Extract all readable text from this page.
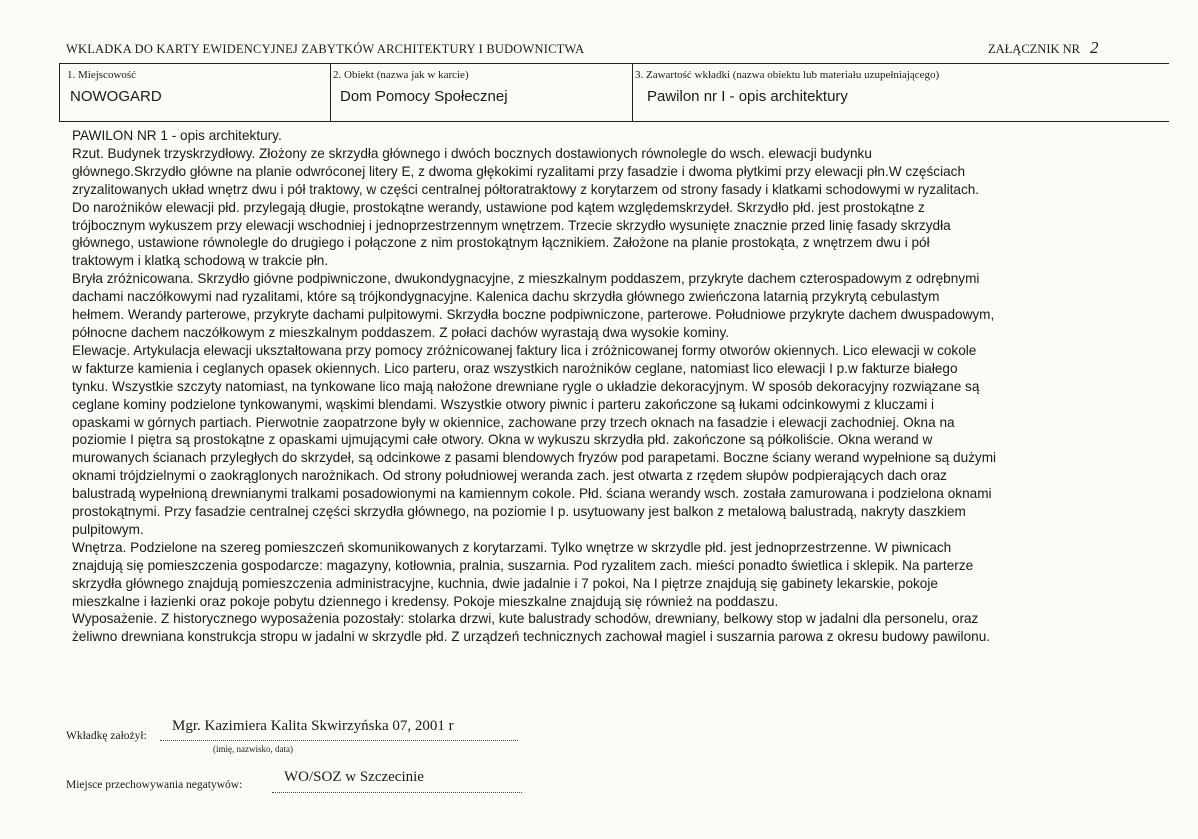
WKLADKA DO KARTY EWIDENCYJNEJ ZABYTKÓW ARCHITEKTURY I BUDOWNICTWA	ZAŁĄCZNIK NR 2
1. Miejscowość
NOWOGARD
2. Obiekt (nazwa jak w karcie)
Dom Pomocy Społecznej
3. Zawartość wkładki (nazwa obiektu lub materiału uzupełniającego)
Pawilon nr I - opis architektury
PAWILON NR 1 - opis architektury.
Rzut. Budynek trzyskrzydłowy. Złożony ze skrzydła głównego i dwóch bocznych dostawionych równolegle do wsch. elewacji budynku
głównego.Skrzydło główne na planie odwróconej litery E, z dwoma głękokimi ryzalitami przy fasadzie i dwoma płytkimi przy elewacji płn.W częściach
zryzalitowanych układ wnętrz dwu i pół traktowy, w części centralnej półtoratraktowy z korytarzem od strony fasady i klatkami schodowymi w ryzalitach.
Do narożników elewacji płd. przylegają długie, prostokątne werandy, ustawione pod kątem względemskrzydeł. Skrzydło płd. jest prostokątne z
trójbocznym wykuszem przy elewacji wschodniej i jednoprzestrzennym wnętrzem. Trzecie skrzydło wysunięte znacznie przed linię fasady skrzydła
głównego, ustawione równolegle do drugiego i połączone z nim prostokątnym łącznikiem. Założone na planie prostokąta, z wnętrzem dwu i pół
traktowym i klatką schodową w trakcie płn.
Bryła zróżnicowana. Skrzydło gióvne podpiwniczone, dwukondygnacyjne, z mieszkalnym poddaszem, przykryte dachem czterospadowym z odrębnymi
dachami naczółkowymi nad ryzalitami, które są trójkondygnacyjne. Kalenica dachu skrzydła głównego zwieńczona latarnią przykrytą cebulastym
hełmem. Werandy parterowe, przykryte dachami pulpitowymi. Skrzydła boczne podpiwniczone, parterowe. Południowe przykryte dachem dwuspadowym,
północne dachem naczółkowym z mieszkalnym poddaszem. Z połaci dachów wyrastają dwa wysokie kominy.
Elewacje. Artykulacja elewacji ukształtowana przy pomocy zróżnicowanej faktury lica i zróżnicowanej formy otworów okiennych. Lico elewacji w cokole
w fakturze kamienia i ceglanych opasek okiennych. Lico parteru, oraz wszystkich narożników ceglane, natomiast lico elewacji I p.w fakturze białego
tynku. Wszystkie szczyty natomiast, na tynkowane lico mają nałożone drewniane rygle o układzie dekoracyjnym. W sposób dekoracyjny rozwiązane są
ceglane kominy podzielone tynkowanymi, wąskimi blendami. Wszystkie otwory piwnic i parteru zakończone są łukami odcinkowymi z kluczami i
opaskami w górnych partiach. Pierwotnie zaopatrzone były w okiennice, zachowane przy trzech oknach na fasadzie i elewacji zachodniej. Okna na
poziomie I piętra są prostokątne z opaskami ujmującymi całe otwory. Okna w wykuszu skrzydła płd. zakończone są półkoliście. Okna werand w
murowanych ścianach przyległych do skrzydeł, są odcinkowe z pasami blendowych fryzów pod parapetami. Boczne ściany werand wypełnione są dużymi
oknami trójdzielnymi o zaokrąglonych narożnikach. Od strony południowej weranda zach. jest otwarta z rzędem słupów podpierających dach oraz
balustradą wypełnioną drewnianymi tralkami posadowionymi na kamiennym cokole. Płd. ściana werandy wsch. została zamurowana i podzielona oknami
prostokątnymi. Przy fasadzie centralnej części skrzydła głównego, na poziomie I p. usytuowany jest balkon z metalową balustradą, nakryty daszkiem
pulpitowym.
Wnętrza. Podzielone na szereg pomieszczeń skomunikowanych z korytarzami. Tylko wnętrze w skrzydle płd. jest jednoprzestrzenne. W piwnicach
znajdują się pomieszczenia gospodarcze: magazyny, kotłownia, pralnia, suszarnia. Pod ryzalitem zach. mieści ponadto świetlica i sklepik. Na parterze
skrzydła głównego znajdują pomieszczenia administracyjne, kuchnia, dwie jadalnie i 7 pokoi, Na I piętrze znajdują się gabinety lekarskie, pokoje
mieszkalne i łazienki oraz pokoje pobytu dziennego i kredensy. Pokoje mieszkalne znajdują się również na poddaszu.
Wyposażenie. Z historycznego wyposażenia pozostały: stolarka drzwi, kute balustrady schodów, drewniany, belkowy stop w jadalni dla personelu, oraz
żeliwno drewniana konstrukcja stropu w jadalni w skrzydle płd. Z urządzeń technicznych zachował magiel i suszarnia parowa z okresu budowy pawilonu.
Wkładkę założył:
Mgr. Kazimiera Kalita Skwirzyńska 07, 2001 r
(imię, nazwisko, data)
Miejsce przechowywania negatywów:	WO/SOZ w Szczecinie
